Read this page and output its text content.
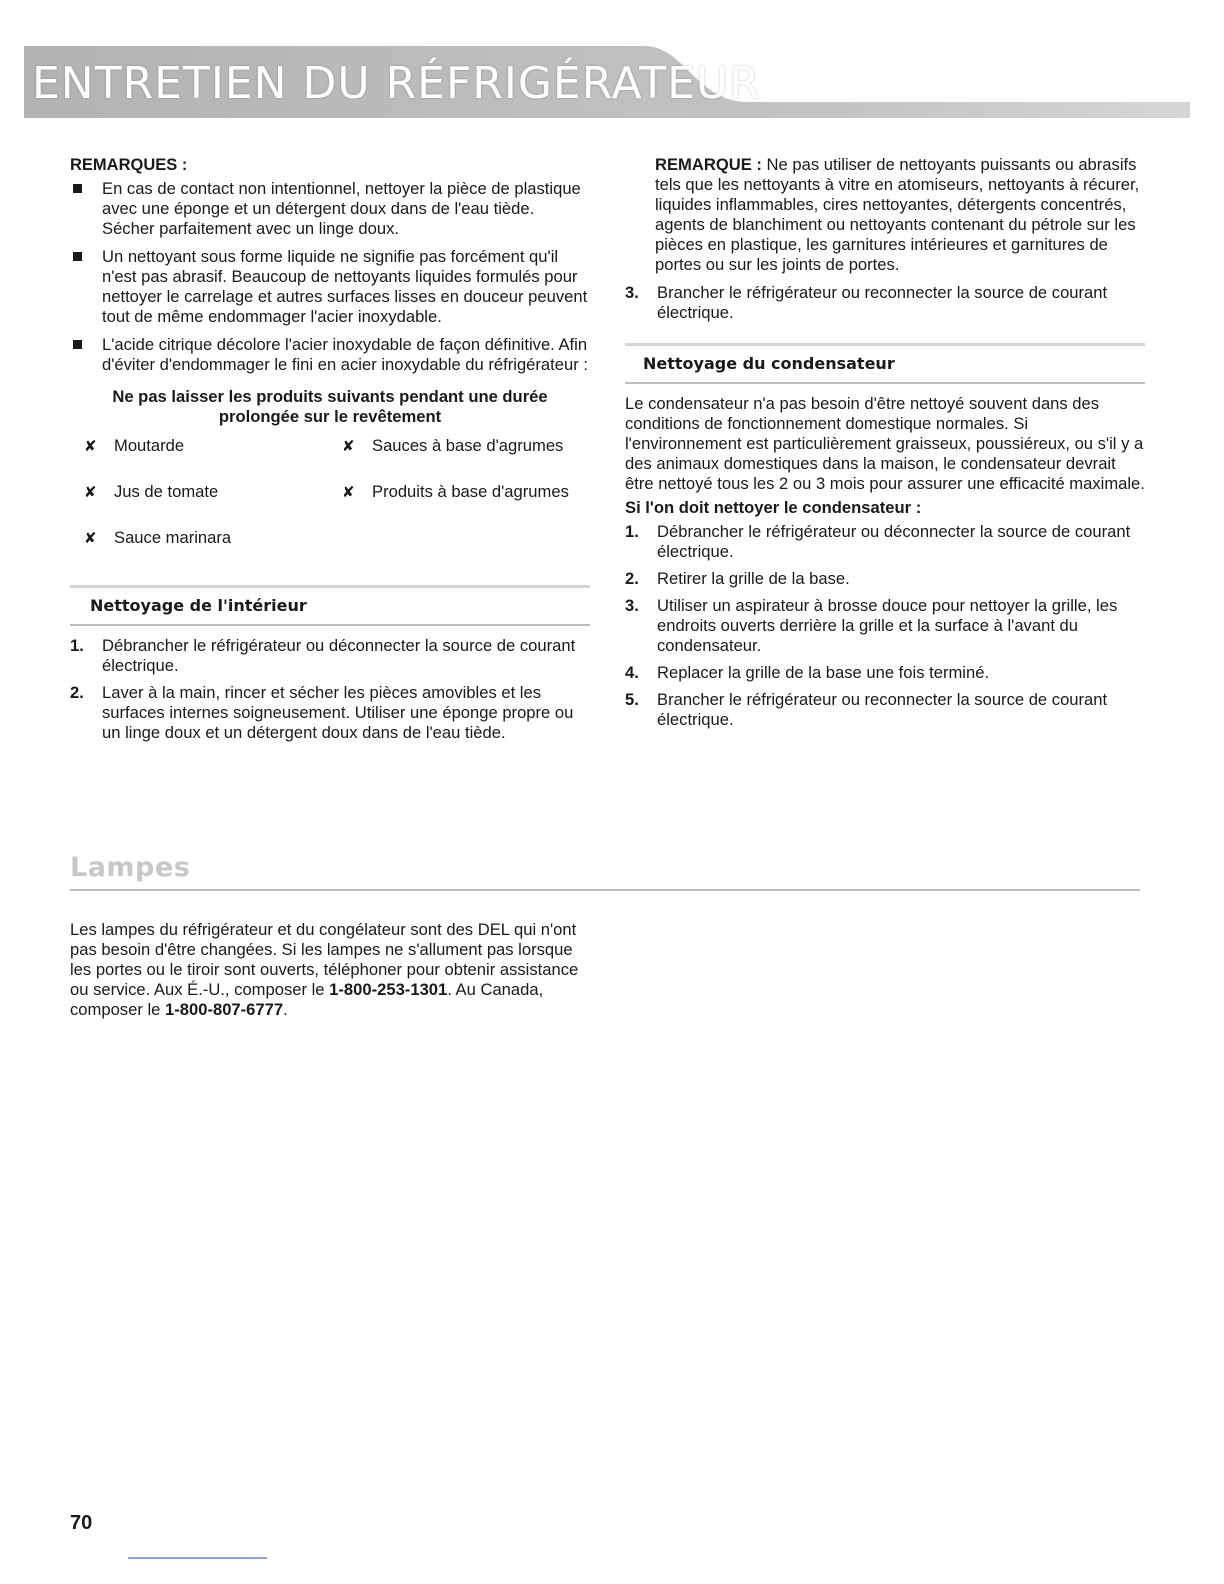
ENTRETIEN DU RÉFRIGÉRATEUR
REMARQUES :
En cas de contact non intentionnel, nettoyer la pièce de plastique avec une éponge et un détergent doux dans de l'eau tiède. Sécher parfaitement avec un linge doux.
Un nettoyant sous forme liquide ne signifie pas forcément qu'il n'est pas abrasif. Beaucoup de nettoyants liquides formulés pour nettoyer le carrelage et autres surfaces lisses en douceur peuvent tout de même endommager l'acier inoxydable.
L'acide citrique décolore l'acier inoxydable de façon définitive. Afin d'éviter d'endommager le fini en acier inoxydable du réfrigérateur :
Ne pas laisser les produits suivants pendant une durée prolongée sur le revêtement
✘ Moutarde	✘ Sauces à base d'agrumes
✘ Jus de tomate	✘ Produits à base d'agrumes
✘ Sauce marinara
Nettoyage de l'intérieur
1. Débrancher le réfrigérateur ou déconnecter la source de courant électrique.
2. Laver à la main, rincer et sécher les pièces amovibles et les surfaces internes soigneusement. Utiliser une éponge propre ou un linge doux et un détergent doux dans de l'eau tiède.

REMARQUE : Ne pas utiliser de nettoyants puissants ou abrasifs tels que les nettoyants à vitre en atomiseurs, nettoyants à récurer, liquides inflammables, cires nettoyantes, détergents concentrés, agents de blanchiment ou nettoyants contenant du pétrole sur les pièces en plastique, les garnitures intérieures et garnitures de portes ou sur les joints de portes.

3. Brancher le réfrigérateur ou reconnecter la source de courant électrique.
Nettoyage du condensateur

Le condensateur n'a pas besoin d'être nettoyé souvent dans des conditions de fonctionnement domestique normales. Si l'environnement est particulièrement graisseux, poussiéreux, ou s'il y a des animaux domestiques dans la maison, le condensateur devrait être nettoyé tous les 2 ou 3 mois pour assurer une efficacité maximale.

Si l'on doit nettoyer le condensateur :

1. Débrancher le réfrigérateur ou déconnecter la source de courant électrique.
2. Retirer la grille de la base.
3. Utiliser un aspirateur à brosse douce pour nettoyer la grille, les endroits ouverts derrière la grille et la surface à l'avant du condensateur.
4. Replacer la grille de la base une fois terminé.
5. Brancher le réfrigérateur ou reconnecter la source de courant électrique.
Lampes
Les lampes du réfrigérateur et du congélateur sont des DEL qui n'ont pas besoin d'être changées. Si les lampes ne s'allument pas lorsque les portes ou le tiroir sont ouverts, téléphoner pour obtenir assistance ou service. Aux É.-U., composer le 1-800-253-1301. Au Canada, composer le 1-800-807-6777.
70
